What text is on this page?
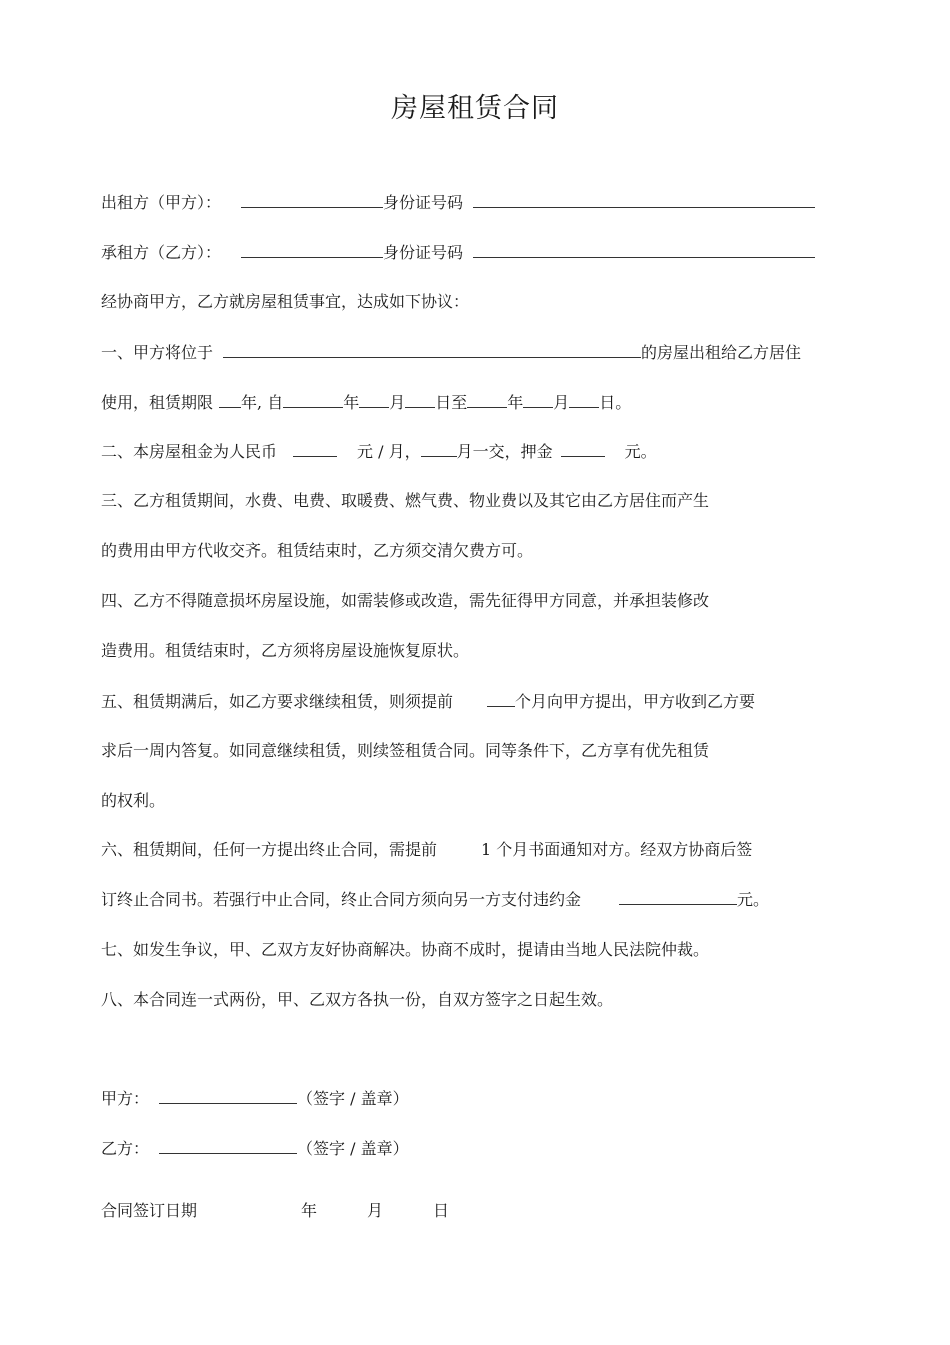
房屋租赁合同
出租方（甲方）：	身份证号码
承租方（乙方）：	身份证号码
经协商甲方，乙方就房屋租赁事宜，达成如下协议：
一、甲方将位于	的房屋出租给乙方居住
使用，租赁期限 年, 自	年 月 日至	年 月 日。
二、本房屋租金为人民币	元 / 月， 月一交，押金	元。
三、乙方租赁期间，水费、电费、取暖费、燃气费、物业费以及其它由乙方居住而产生
的费用由甲方代收交齐。租赁结束时，乙方须交清欠费方可。
四、乙方不得随意损坏房屋设施，如需装修或改造，需先征得甲方同意，并承担装修改
造费用。租赁结束时，乙方须将房屋设施恢复原状。
五、租赁期满后，如乙方要求继续租赁，则须提前	个月向甲方提出，甲方收到乙方要
求后一周内答复。如同意继续租赁，则续签租赁合同。同等条件下，乙方享有优先租赁
的权利。
六、租赁期间，任何一方提出终止合同，需提前	1 个月书面通知对方。经双方协商后签
订终止合同书。若强行中止合同，终止合同方须向另一方支付违约金	元。
七、如发生争议，甲、乙双方友好协商解决。协商不成时，提请由当地人民法院仲裁。
八、本合同连一式两份，甲、乙双方各执一份，自双方签字之日起生效。
甲方：	（签字 / 盖章）
乙方：	（签字 / 盖章）
合同签订日期	年	月	日
